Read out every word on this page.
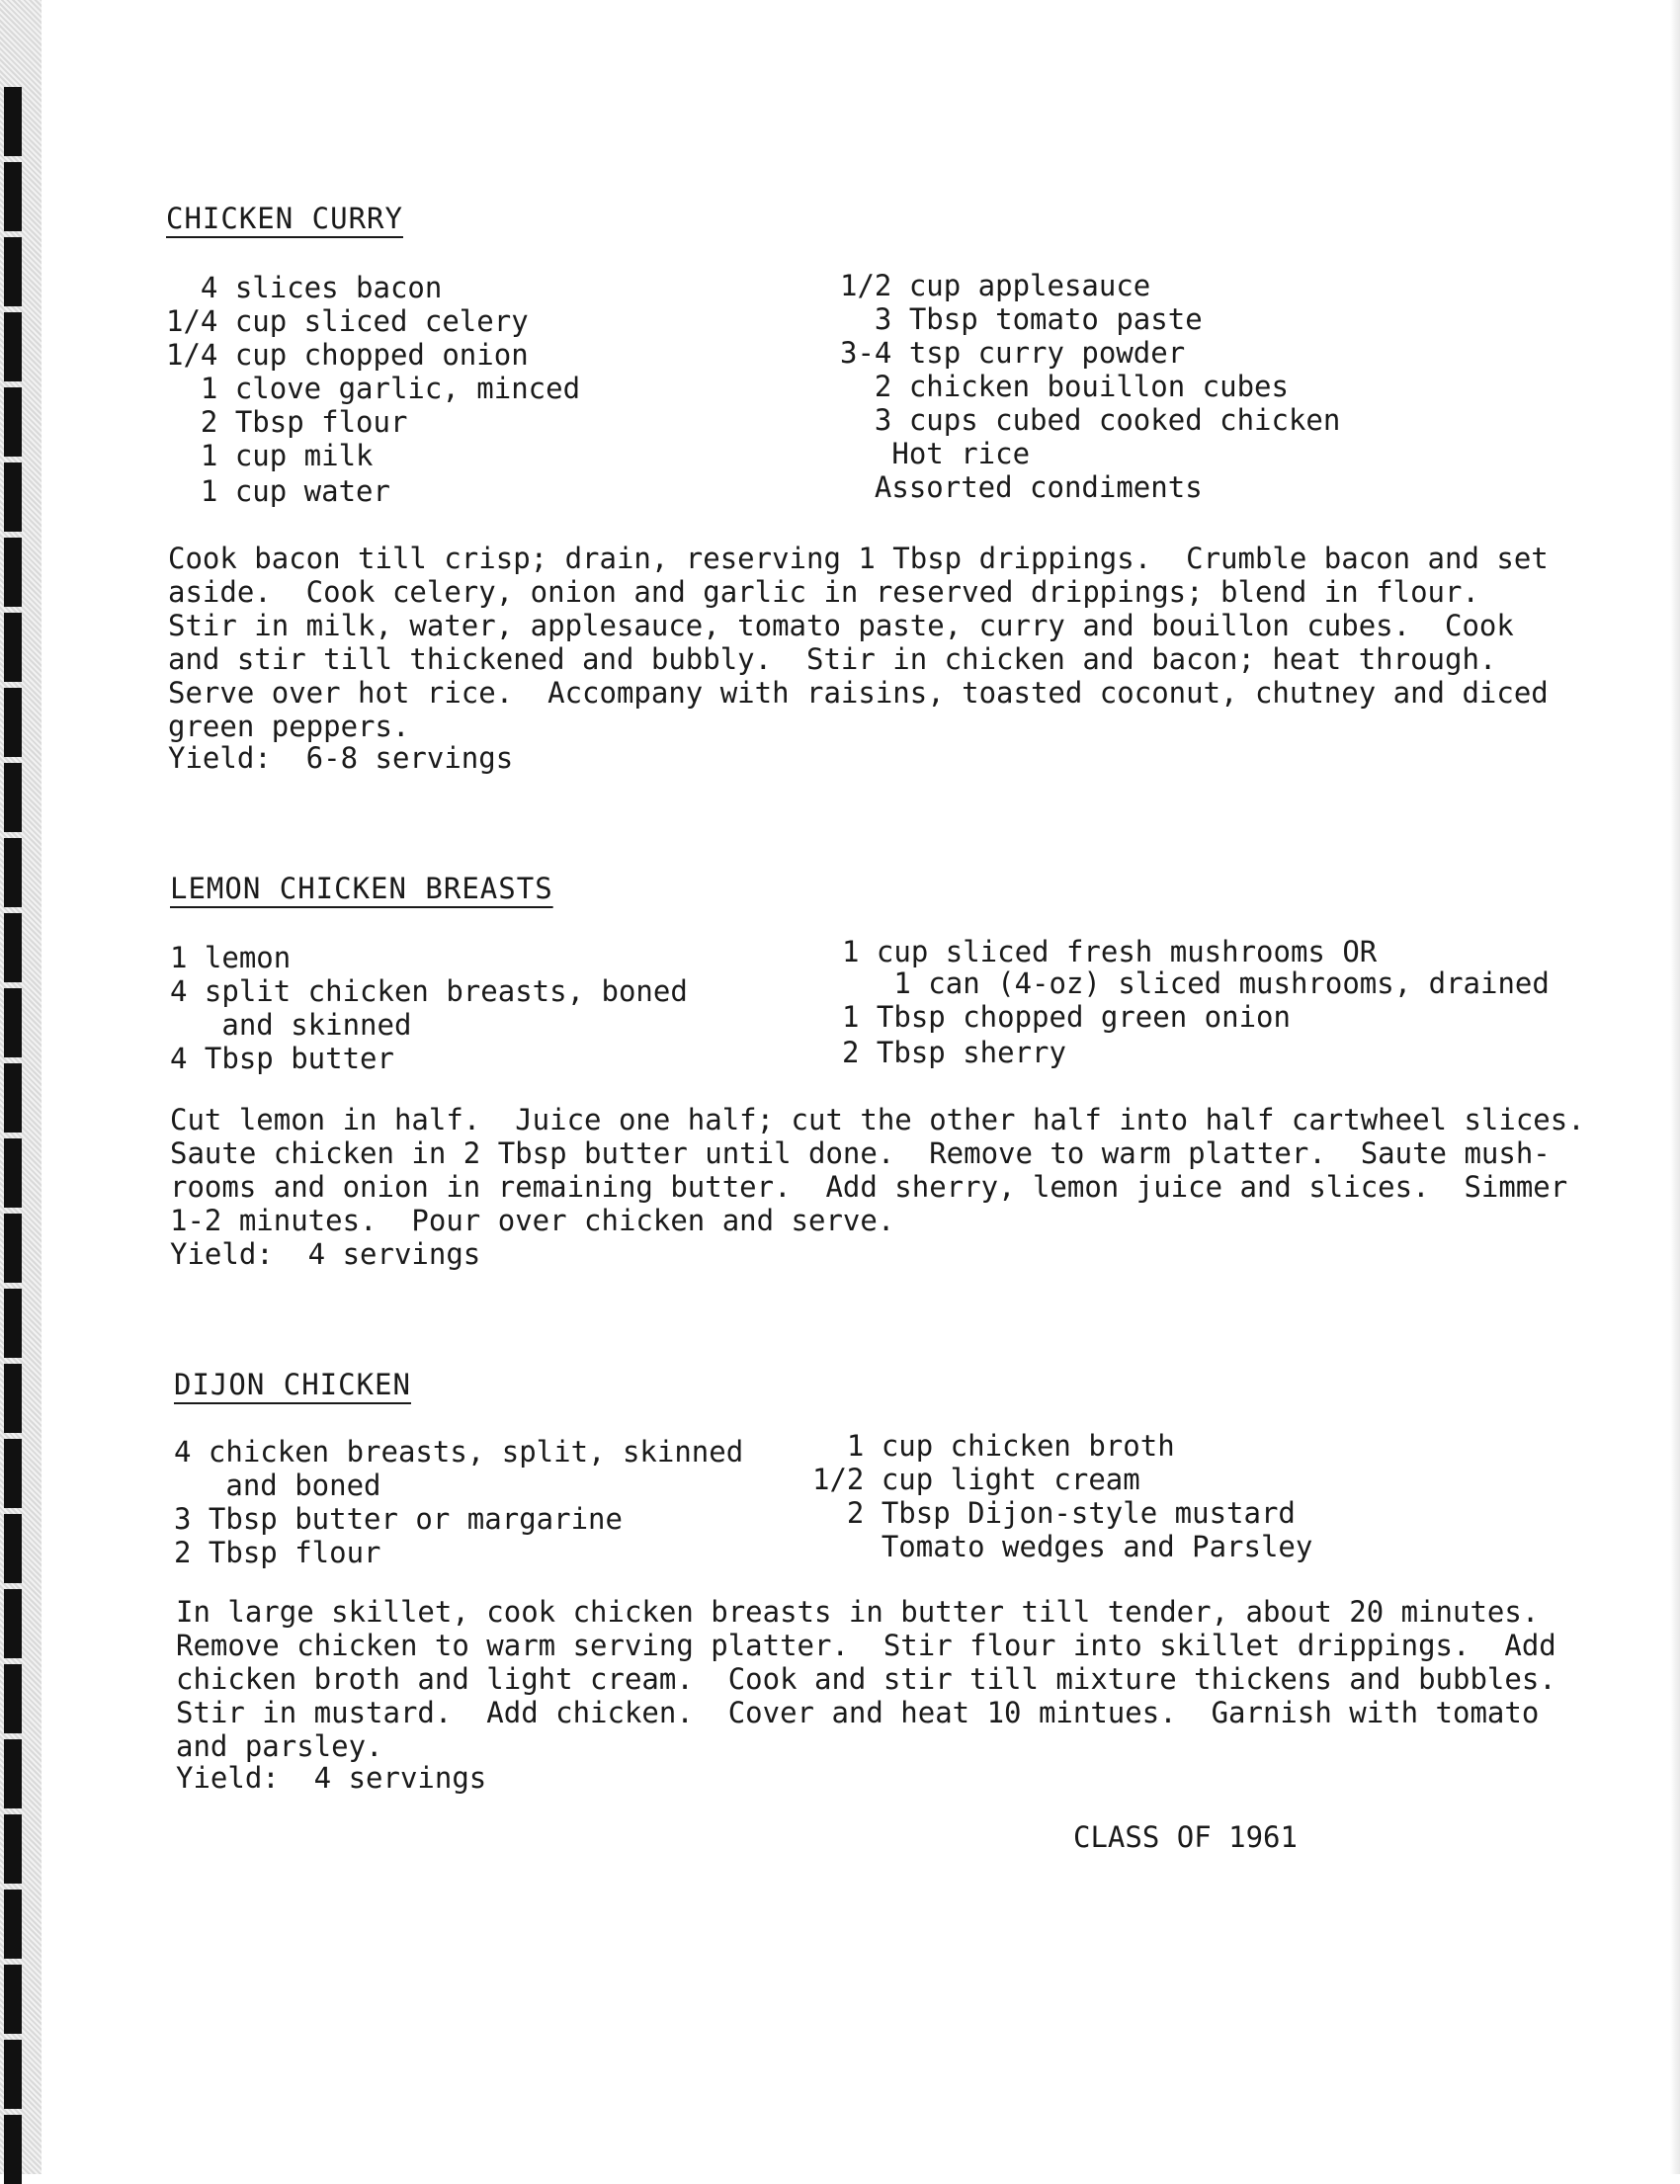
CHICKEN CURRY
4 slices bacon
1/4 cup sliced celery
1/4 cup chopped onion
1 clove garlic, minced
2 Tbsp flour
1 cup milk
1 cup water
1/2 cup applesauce
3 Tbsp tomato paste
3-4 tsp curry powder
2 chicken bouillon cubes
3 cups cubed cooked chicken
Hot rice
Assorted condiments
Cook bacon till crisp; drain, reserving 1 Tbsp drippings.  Crumble bacon and set
aside.  Cook celery, onion and garlic in reserved drippings; blend in flour.
Stir in milk, water, applesauce, tomato paste, curry and bouillon cubes.  Cook
and stir till thickened and bubbly.  Stir in chicken and bacon; heat through.
Serve over hot rice.  Accompany with raisins, toasted coconut, chutney and diced
green peppers.
Yield:  6-8 servings
LEMON CHICKEN BREASTS
1 lemon
4 split chicken breasts, boned
and skinned
4 Tbsp butter
1 cup sliced fresh mushrooms OR
1 can (4-oz) sliced mushrooms, drained
1 Tbsp chopped green onion
2 Tbsp sherry
Cut lemon in half.  Juice one half; cut the other half into half cartwheel slices.
Saute chicken in 2 Tbsp butter until done.  Remove to warm platter.  Saute mush-
rooms and onion in remaining butter.  Add sherry, lemon juice and slices.  Simmer
1-2 minutes.  Pour over chicken and serve.
Yield:  4 servings
DIJON CHICKEN
4 chicken breasts, split, skinned
and boned
3 Tbsp butter or margarine
2 Tbsp flour
1 cup chicken broth
1/2 cup light cream
2 Tbsp Dijon-style mustard
Tomato wedges and Parsley
In large skillet, cook chicken breasts in butter till tender, about 20 minutes.
Remove chicken to warm serving platter.  Stir flour into skillet drippings.  Add
chicken broth and light cream.  Cook and stir till mixture thickens and bubbles.
Stir in mustard.  Add chicken.  Cover and heat 10 mintues.  Garnish with tomato
and parsley.
Yield:  4 servings
CLASS OF 1961
